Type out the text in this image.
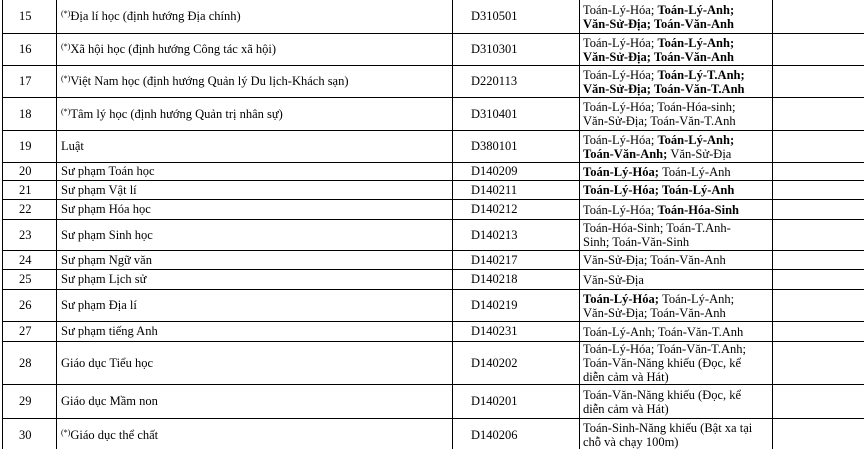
15	(*)Địa lí học (định hướng Địa chính)	D310501	Toán-Lý-Hóa; Toán-Lý-Anh;
Văn-Sử-Địa; Toán-Văn-Anh	

16	(*)Xã hội học (định hướng Công tác xã hội)	D310301	Toán-Lý-Hóa; Toán-Lý-Anh;
Văn-Sử-Địa; Toán-Văn-Anh	

17	(*)Việt Nam học (định hướng Quản lý Du lịch-Khách sạn)	D220113	Toán-Lý-Hóa; Toán-Lý-T.Anh;
Văn-Sử-Địa; Toán-Văn-T.Anh	

18	(*)Tâm lý học (định hướng Quản trị nhân sự)	D310401	Toán-Lý-Hóa; Toán-Hóa-sinh;
Văn-Sử-Địa; Toán-Văn-T.Anh	

19	Luật	D380101	Toán-Lý-Hóa; Toán-Lý-Anh;
Toán-Văn-Anh; Văn-Sử-Địa	

20	Sư phạm Toán học	D140209	Toán-Lý-Hóa; Toán-Lý-Anh	

21	Sư phạm Vật lí	D140211	Toán-Lý-Hóa; Toán-Lý-Anh	

22	Sư phạm Hóa học	D140212	Toán-Lý-Hóa; Toán-Hóa-Sinh	

23	Sư phạm Sinh học	D140213	Toán-Hóa-Sinh; Toán-T.Anh-
Sinh; Toán-Văn-Sinh	

24	Sư phạm Ngữ văn	D140217	Văn-Sử-Địa; Toán-Văn-Anh	

25	Sư phạm Lịch sử	D140218	Văn-Sử-Địa	

26	Sư phạm Địa lí	D140219	Toán-Lý-Hóa; Toán-Lý-Anh;
Văn-Sử-Địa; Toán-Văn-Anh	

27	Sư phạm tiếng Anh	D140231	Toán-Lý-Anh; Toán-Văn-T.Anh	

28	Giáo dục Tiểu học	D140202	Toán-Lý-Hóa; Toán-Văn-T.Anh;
Toán-Văn-Năng khiếu (Đọc, kể
diễn cảm và Hát)	

29	Giáo dục Mầm non	D140201	Toán-Văn-Năng khiếu (Đọc, kể
diễn cảm và Hát)	

30	(*)Giáo dục thể chất	D140206	Toán-Sinh-Năng khiếu (Bật xa tại
chỗ và chạy 100m)	
